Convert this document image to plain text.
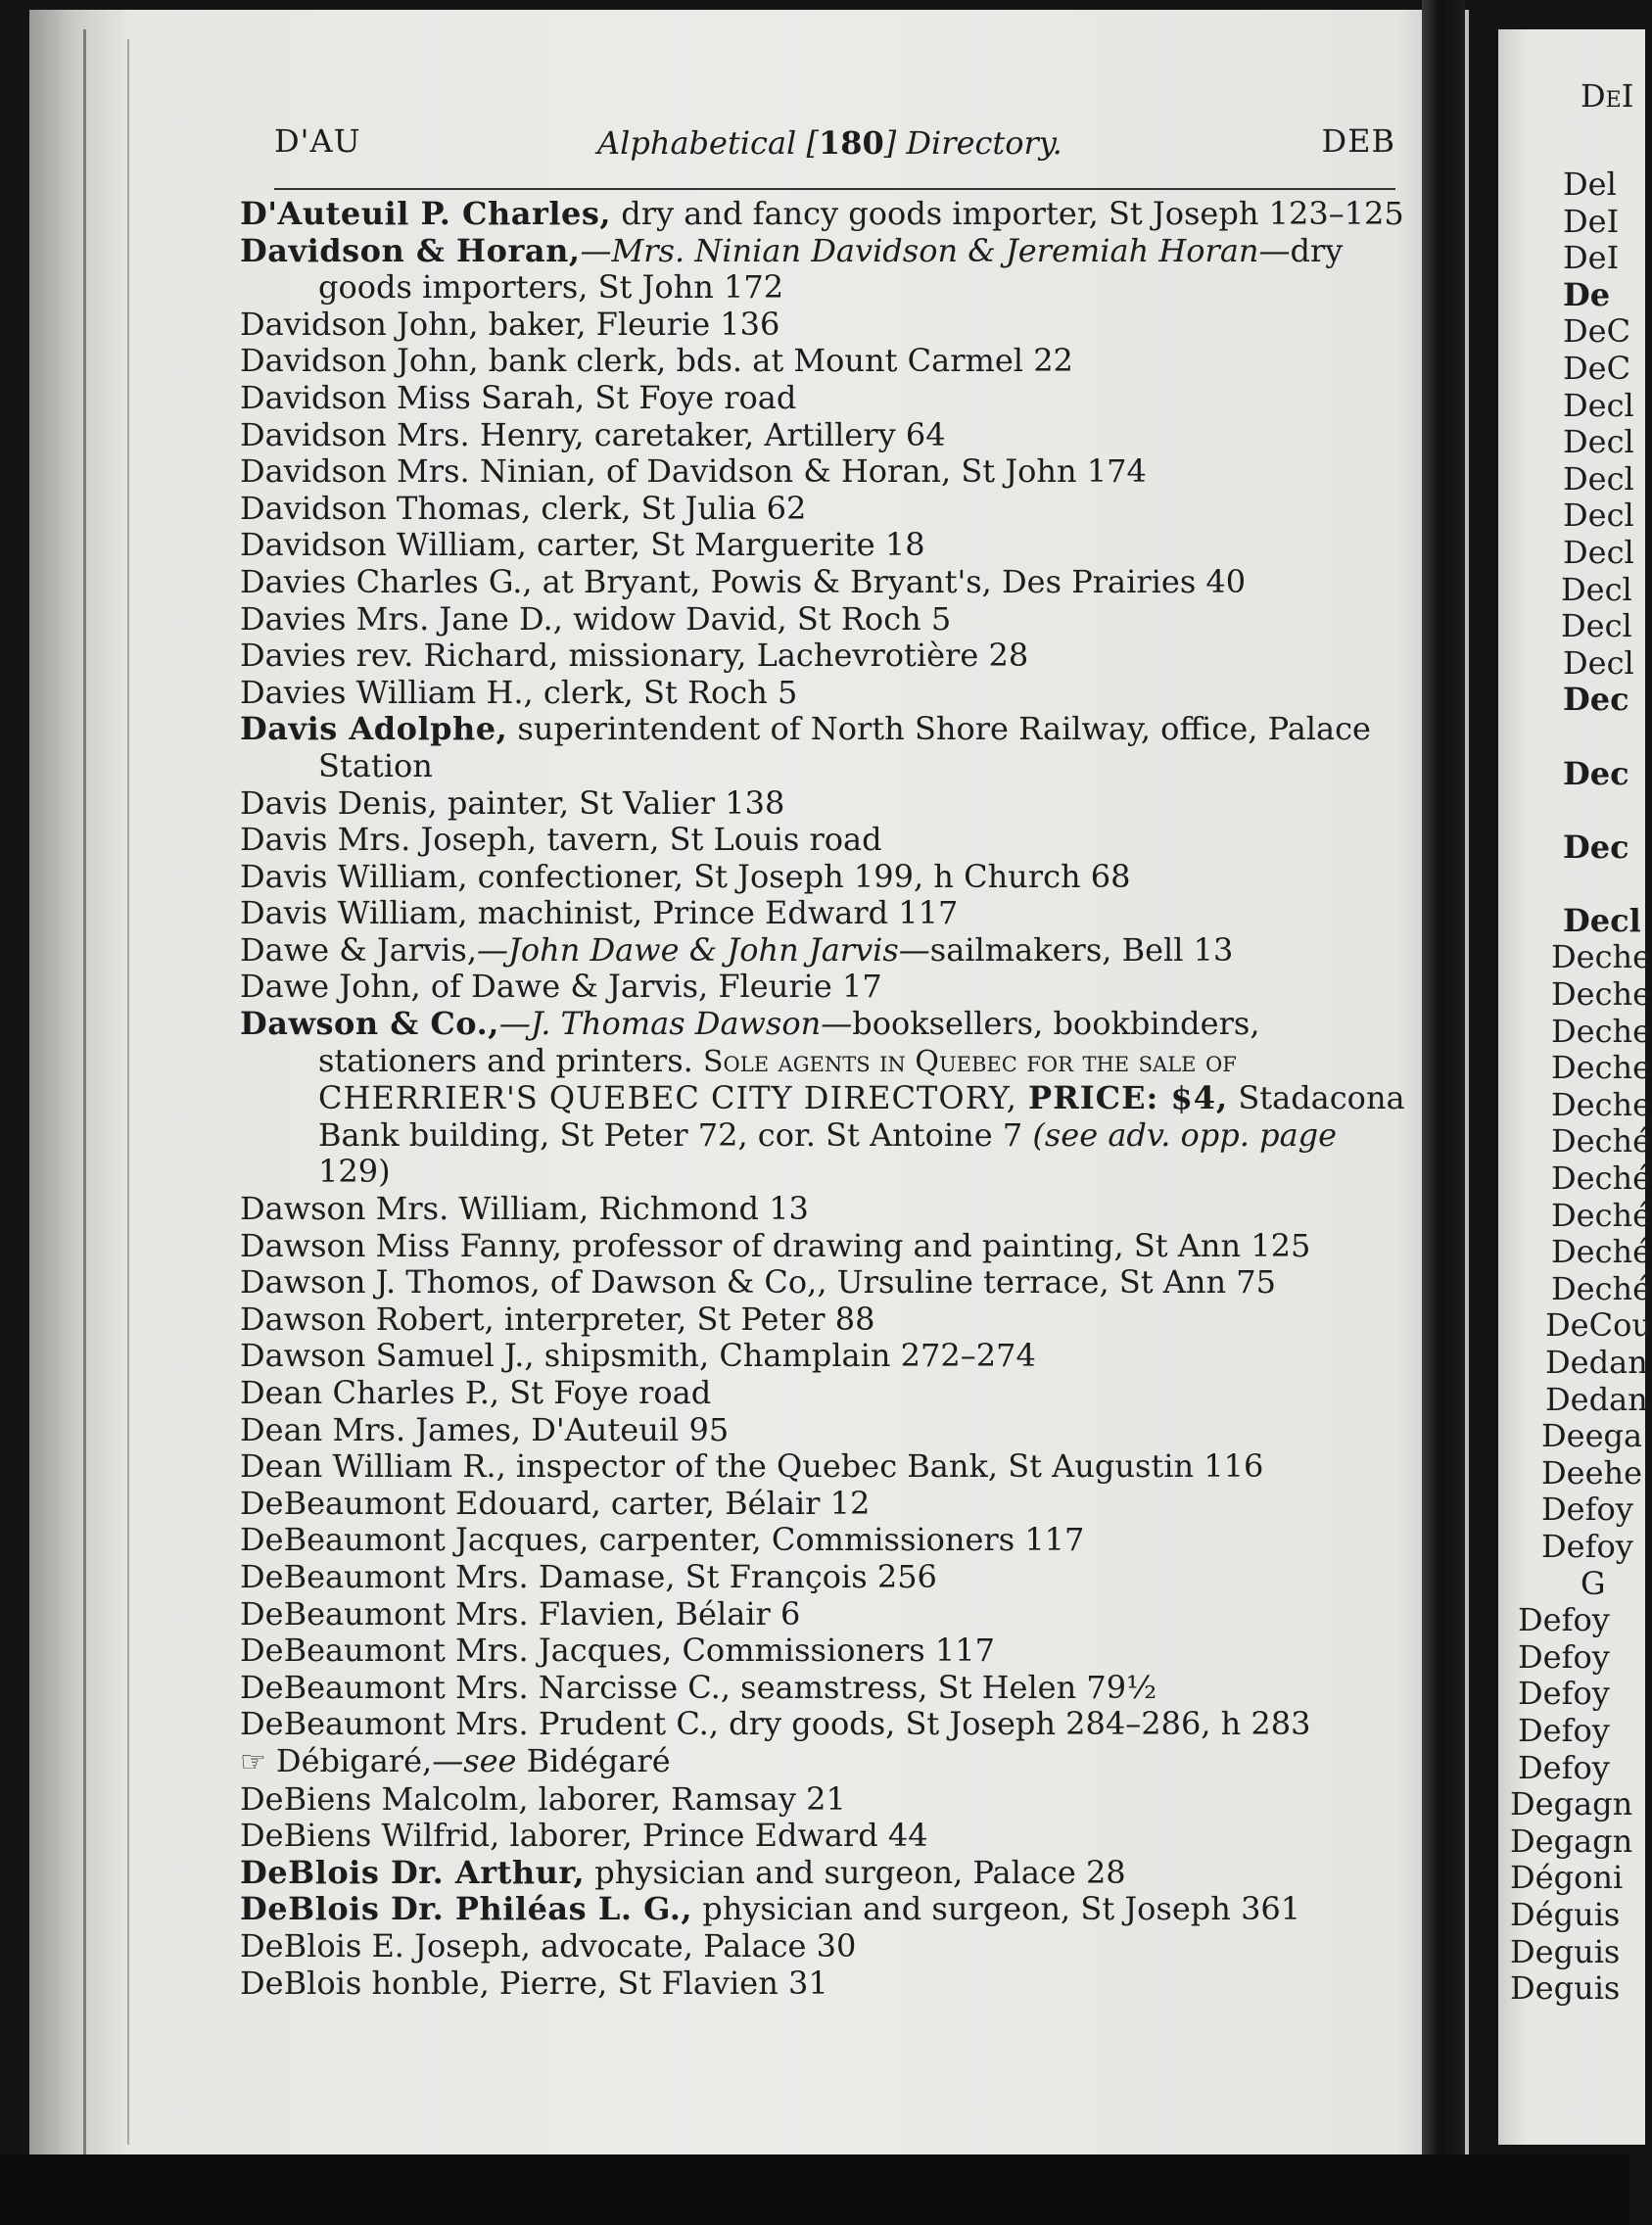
DeI
Del
DeI
DeI
De
DeC
DeC
Decl
Decl
Decl
Decl
Decl
Decl
Decl
Decl
Dec
Dec
Dec
Decl
Deche
Deche
Deche
Deche
Deche
Deché
Deché
Deché
Deché
Deché
DeCou
Dedan
Dedan
Deega
Deehe
Defoy
Defoy
G
Defoy
Defoy
Defoy
Defoy
Defoy
Degagn
Degagn
Dégoni
Déguis
Deguis
Deguis
D'AU	Alphabetical [180] Directory.	DEB
D'Auteuil P. Charles, dry and fancy goods importer, St Joseph 123–125
Davidson & Horan,—Mrs. Ninian Davidson & Jeremiah Horan—dry goods importers, St John 172
Davidson John, baker, Fleurie 136
Davidson John, bank clerk, bds. at Mount Carmel 22
Davidson Miss Sarah, St Foye road
Davidson Mrs. Henry, caretaker, Artillery 64
Davidson Mrs. Ninian, of Davidson & Horan, St John 174
Davidson Thomas, clerk, St Julia 62
Davidson William, carter, St Marguerite 18
Davies Charles G., at Bryant, Powis & Bryant's, Des Prairies 40
Davies Mrs. Jane D., widow David, St Roch 5
Davies rev. Richard, missionary, Lachevrotière 28
Davies William H., clerk, St Roch 5
Davis Adolphe, superintendent of North Shore Railway, office, Palace Station
Davis Denis, painter, St Valier 138
Davis Mrs. Joseph, tavern, St Louis road
Davis William, confectioner, St Joseph 199, h Church 68
Davis William, machinist, Prince Edward 117
Dawe & Jarvis,—John Dawe & John Jarvis—sailmakers, Bell 13
Dawe John, of Dawe & Jarvis, Fleurie 17
Dawson & Co.,—J. Thomas Dawson—booksellers, bookbinders, stationers and printers. Sole agents in Quebec for the sale of CHERRIER'S QUEBEC CITY DIRECTORY, PRICE: $4, Stadacona Bank building, St Peter 72, cor. St Antoine 7 (see adv. opp. page 129)
Dawson Mrs. William, Richmond 13
Dawson Miss Fanny, professor of drawing and painting, St Ann 125
Dawson J. Thomos, of Dawson & Co,, Ursuline terrace, St Ann 75
Dawson Robert, interpreter, St Peter 88
Dawson Samuel J., shipsmith, Champlain 272–274
Dean Charles P., St Foye road
Dean Mrs. James, D'Auteuil 95
Dean William R., inspector of the Quebec Bank, St Augustin 116
DeBeaumont Edouard, carter, Bélair 12
DeBeaumont Jacques, carpenter, Commissioners 117
DeBeaumont Mrs. Damase, St François 256
DeBeaumont Mrs. Flavien, Bélair 6
DeBeaumont Mrs. Jacques, Commissioners 117
DeBeaumont Mrs. Narcisse C., seamstress, St Helen 79½
DeBeaumont Mrs. Prudent C., dry goods, St Joseph 284–286, h 283
☞ Débigaré,—see Bidégaré
DeBiens Malcolm, laborer, Ramsay 21
DeBiens Wilfrid, laborer, Prince Edward 44
DeBlois Dr. Arthur, physician and surgeon, Palace 28
DeBlois Dr. Philéas L. G., physician and surgeon, St Joseph 361
DeBlois E. Joseph, advocate, Palace 30
DeBlois honble, Pierre, St Flavien 31
